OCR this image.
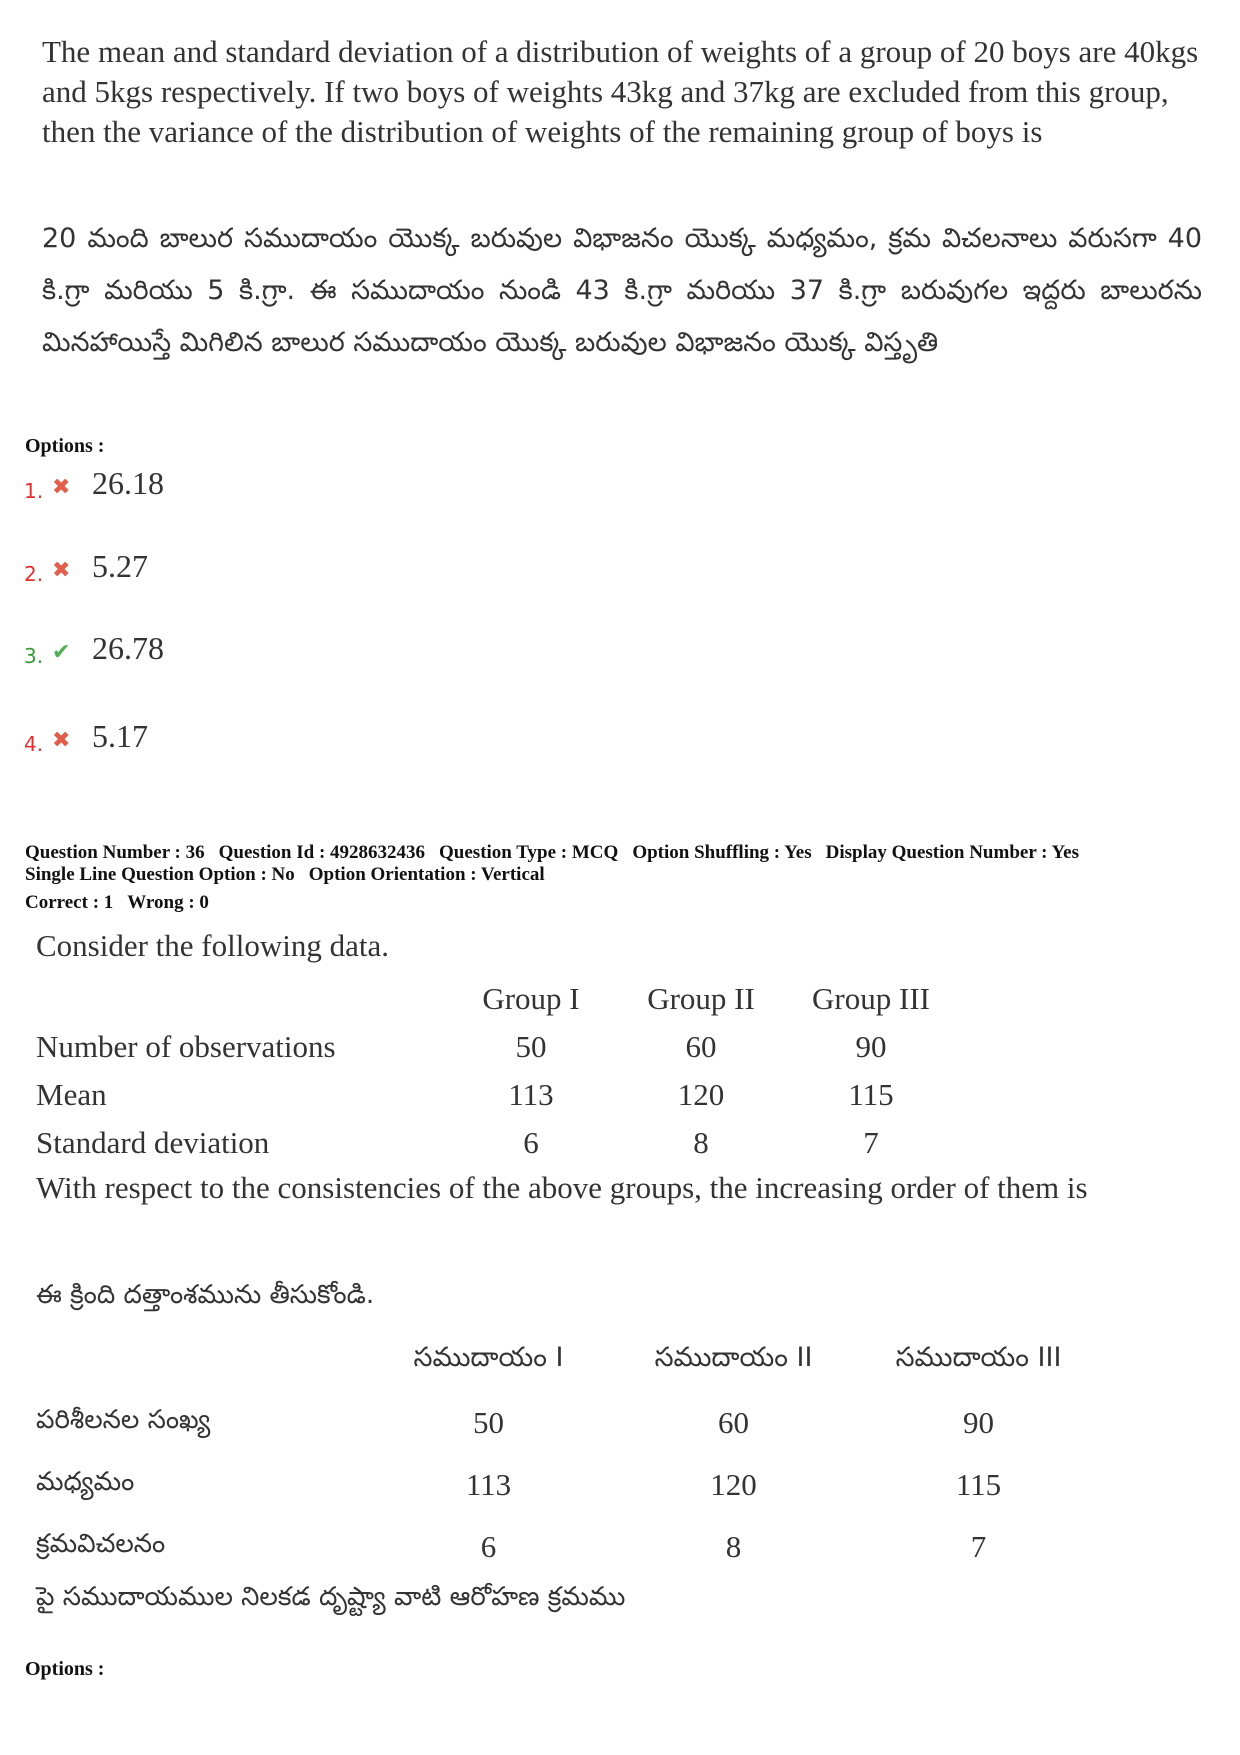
The mean and standard deviation of a distribution of weights of a group of 20 boys are 40kgs and 5kgs respectively. If two boys of weights 43kg and 37kg are excluded from this group, then the variance of the distribution of weights of the remaining group of boys is
20 మంది బాలుర సముదాయం యొక్క బరువుల విభాజనం యొక్క మధ్యమం, క్రమ విచలనాలు వరుసగా 40 కి.గ్రా మరియు 5 కి.గ్రా. ఈ సముదాయం నుండి 43 కి.గ్రా మరియు 37 కి.గ్రా బరువుగల ఇద్దరు బాలురను మినహాయిస్తే మిగిలిన బాలుర సముదాయం యొక్క బరువుల విభాజనం యొక్క విస్తృతి
Options :
1. ✖ 26.18
2. ✖ 5.27
3. ✔ 26.78
4. ✖ 5.17
Question Number : 36 Question Id : 4928632436 Question Type : MCQ Option Shuffling : Yes Display Question Number : Yes
Single Line Question Option : No Option Orientation : Vertical
Correct : 1 Wrong : 0
Consider the following data.
	Group I	Group II	Group III
Number of observations	50	60	90
Mean	113	120	115
Standard deviation	6	8	7
With respect to the consistencies of the above groups, the increasing order of them is
ఈ క్రింది దత్తాంశమును తీసుకోండి.
	సముదాయం I	సముదాయం II	సముదాయం III
పరిశీలనల సంఖ్య	50	60	90
మధ్యమం	113	120	115
క్రమవిచలనం	6	8	7
పై సముదాయముల నిలకడ దృష్ట్యా వాటి ఆరోహణ క్రమము
Options :
